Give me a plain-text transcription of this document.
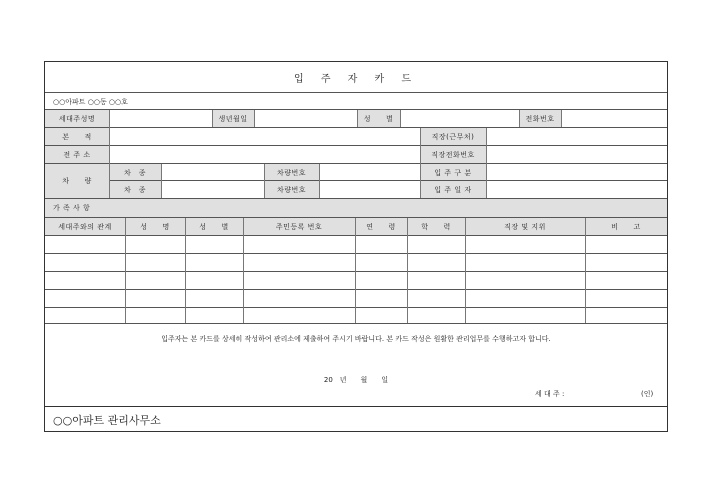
입 주 자 카 드
○○아파트 ○○동 ○○호
세대주성명	생년월일	성　　별	전화번호
본　　적	직장(근무처)
전 주 소	직장전화번호
차　　량
차　종	차량번호	입 주 구 분
차　종	차량번호	입 주 일 자
가 족 사 항
세대주와의 관계	성　　명	성　　별	주민등록 번호	연　　령	학　　력	직장 및 지위	비　　고
입주자는 본 카드를 상세히 작성하여 관리소에 제출하여 주시기 바랍니다. 본 카드 작성은 원활한 관리업무를 수행하고자 합니다.
20　년　　월　　일
세 대 주 :	(인)
○○아파트 관리사무소
